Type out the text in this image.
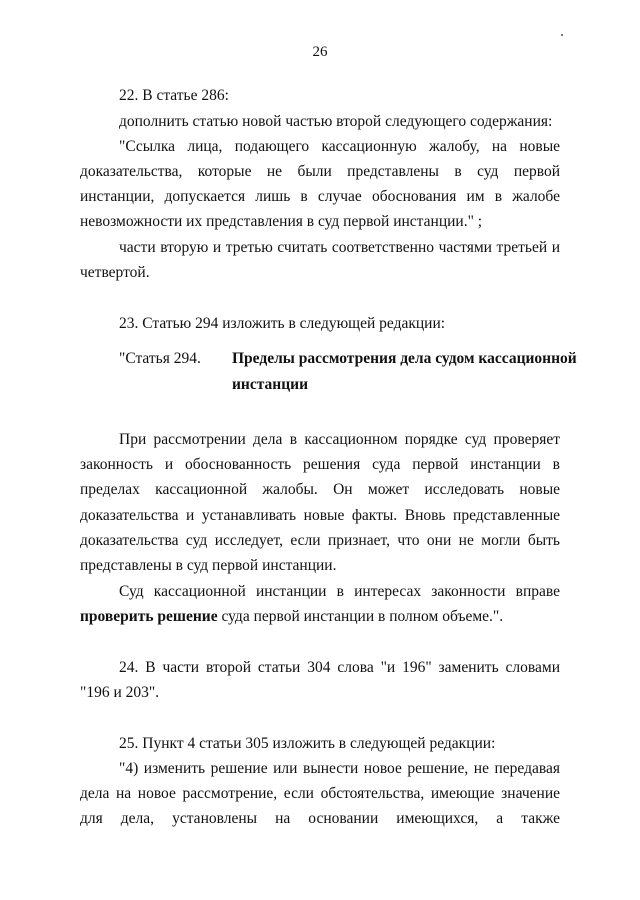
26
22. В статье 286:
дополнить статью новой частью второй следующего содержания:
"Ссылка лица, подающего кассационную жалобу, на новые
доказательства, которые не были представлены в суд первой
инстанции, допускается лишь в случае обоснования им в жалобе
невозможности их представления в суд первой инстанции." ;
части вторую и третью считать соответственно частями третьей и
четвертой.
23. Статью 294 изложить в следующей редакции:
"Статья 294. Пределы рассмотрения дела судом кассационной
инстанции
При рассмотрении дела в кассационном порядке суд проверяет
законность и обоснованность решения суда первой инстанции в
пределах кассационной жалобы. Он может исследовать новые
доказательства и устанавливать новые факты. Вновь представленные
доказательства суд исследует, если признает, что они не могли быть
представлены в суд первой инстанции.
Суд кассационной инстанции в интересах законности вправе
проверить решение суда первой инстанции в полном объеме.".
24. В части второй статьи 304 слова "и 196" заменить словами
"196 и 203".
25. Пункт 4 статьи 305 изложить в следующей редакции:
"4) изменить решение или вынести новое решение, не передавая
дела на новое рассмотрение, если обстоятельства, имеющие значение
для дела, установлены на основании имеющихся, а также
